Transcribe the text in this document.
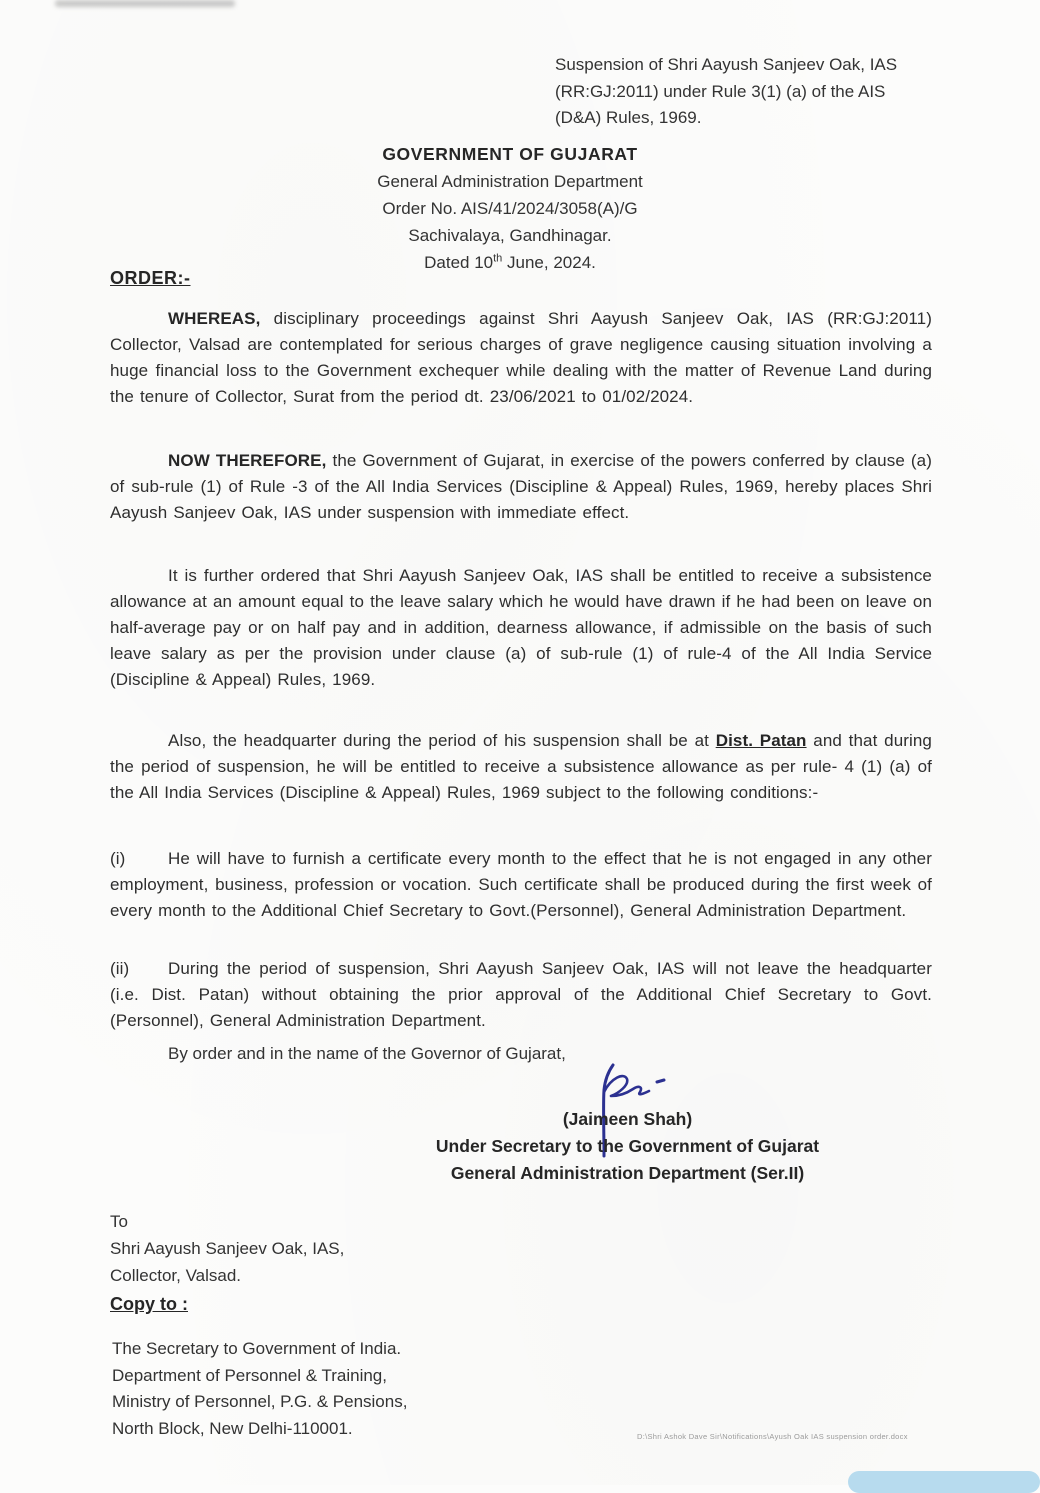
Suspension of Shri Aayush Sanjeev Oak, IAS
(RR:GJ:2011) under Rule 3(1) (a) of the AIS
(D&A) Rules, 1969.
GOVERNMENT OF GUJARAT
General Administration Department
Order No. AIS/41/2024/3058(A)/G
Sachivalaya, Gandhinagar.
Dated 10th June, 2024.
ORDER:-

WHEREAS, disciplinary proceedings against Shri Aayush Sanjeev Oak, IAS (RR:GJ:2011) Collector, Valsad are contemplated for serious charges of grave negligence causing situation involving a huge financial loss to the Government exchequer while dealing with the matter of Revenue Land during the tenure of Collector, Surat from the period dt. 23/06/2021 to 01/02/2024.

NOW THEREFORE, the Government of Gujarat, in exercise of the powers conferred by clause (a) of sub-rule (1) of Rule -3 of the All India Services (Discipline & Appeal) Rules, 1969, hereby places Shri Aayush Sanjeev Oak, IAS under suspension with immediate effect.

It is further ordered that Shri Aayush Sanjeev Oak, IAS shall be entitled to receive a subsistence allowance at an amount equal to the leave salary which he would have drawn if he had been on leave on half-average pay or on half pay and in addition, dearness allowance, if admissible on the basis of such leave salary as per the provision under clause (a) of sub-rule (1) of rule-4 of the All India Service (Discipline & Appeal) Rules, 1969.

Also, the headquarter during the period of his suspension shall be at Dist. Patan and that during the period of suspension, he will be entitled to receive a subsistence allowance as per rule- 4 (1) (a) of the All India Services (Discipline & Appeal) Rules, 1969 subject to the following conditions:-

(i)	He will have to furnish a certificate every month to the effect that he is not engaged in any other employment, business, profession or vocation. Such certificate shall be produced during the first week of every month to the Additional Chief Secretary to Govt.(Personnel), General Administration Department.

(ii) During the period of suspension, Shri Aayush Sanjeev Oak, IAS will not leave the headquarter (i.e. Dist. Patan) without obtaining the prior approval of the Additional Chief Secretary to Govt. (Personnel), General Administration Department.

By order and in the name of the Governor of Gujarat,
(Jaimeen Shah)
Under Secretary to the Government of Gujarat
General Administration Department (Ser.II)
To
Shri Aayush Sanjeev Oak, IAS,
Collector, Valsad.
Copy to :
The Secretary to Government of India.
Department of Personnel & Training,
Ministry of Personnel, P.G. & Pensions,
North Block, New Delhi-110001.	D:\Shri Ashok Dave Sir\Notifications\Ayush Oak IAS suspension order.docx
